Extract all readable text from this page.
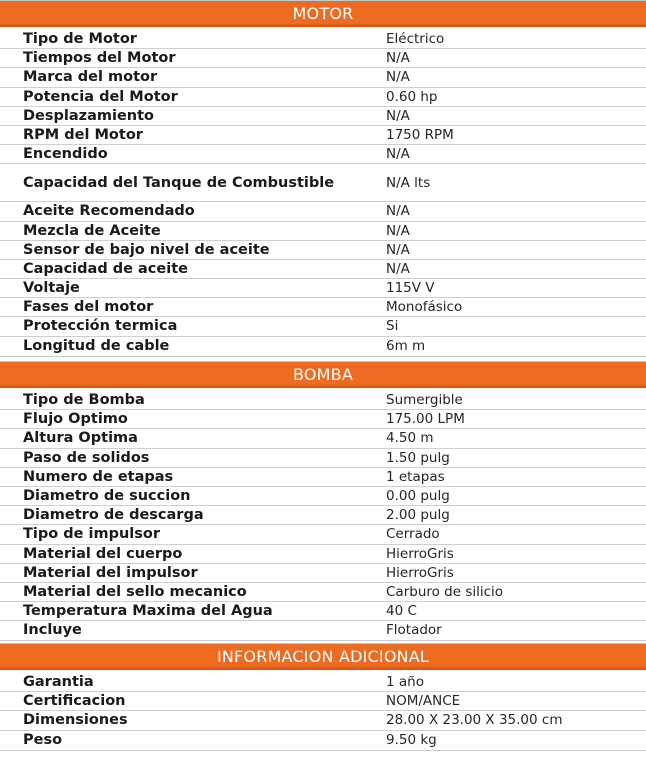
MOTOR
Tipo de Motor	Eléctrico
Tiempos del Motor	N/A
Marca del motor	N/A
Potencia del Motor	0.60 hp
Desplazamiento	N/A
RPM del Motor	1750 RPM
Encendido	N/A
Capacidad del Tanque de Combustible	N/A lts
Aceite Recomendado	N/A
Mezcla de Aceite	N/A
Sensor de bajo nivel de aceite	N/A
Capacidad de aceite	N/A
Voltaje	115V V
Fases del motor	Monofásico
Protección termica	Si
Longitud de cable	6m m
BOMBA
Tipo de Bomba	Sumergible
Flujo Optimo	175.00 LPM
Altura Optima	4.50 m
Paso de solidos	1.50 pulg
Numero de etapas	1 etapas
Diametro de succion	0.00 pulg
Diametro de descarga	2.00 pulg
Tipo de impulsor	Cerrado
Material del cuerpo	HierroGris
Material del impulsor	HierroGris
Material del sello mecanico	Carburo de silicio
Temperatura Maxima del Agua	40 C
Incluye	Flotador
INFORMACION ADICIONAL
Garantia	1 año
Certificacion	NOM/ANCE
Dimensiones	28.00 X 23.00 X 35.00 cm
Peso	9.50 kg
